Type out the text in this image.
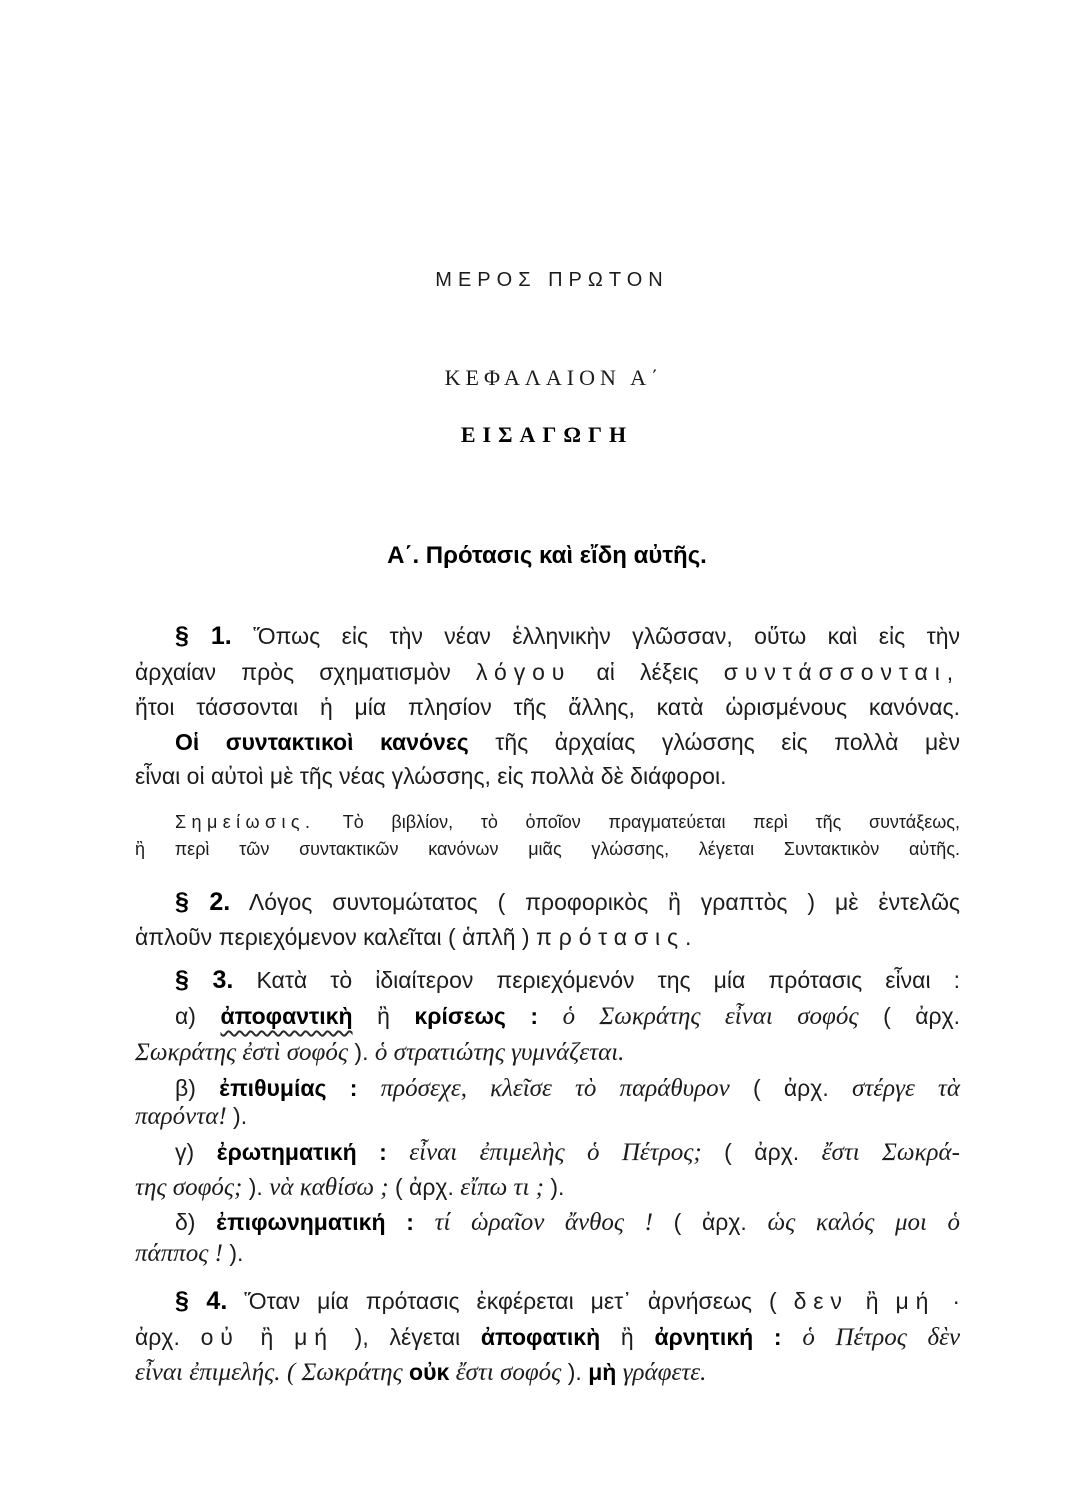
ΜΕΡΟΣ ΠΡΩΤΟΝ
ΚΕΦΑΛΑΙΟΝ Α΄
ΕΙΣΑΓΩΓΗ
Α΄. Πρότασις καὶ εἴδη αὐτῆς.
§ 1. Ὅπως εἰς τὴν νέαν ἑλληνικὴν γλῶσσαν, οὕτω καὶ εἰς τὴν
ἀρχαίαν πρὸς σχηματισμὸν λόγου αἱ λέξεις συντάσσονται,
ἤτοι τάσσονται ἡ μία πλησίον τῆς ἄλλης, κατὰ ὡρισμένους κανόνας.
Οἱ συντακτικοὶ κανόνες τῆς ἀρχαίας γλώσσης εἰς πολλὰ μὲν
εἶναι οἱ αὐτοὶ μὲ τῆς νέας γλώσσης, εἰς πολλὰ δὲ διάφοροι.
Σημείωσις. Τὸ βιβλίον, τὸ ὁποῖον πραγματεύεται περὶ τῆς συντάξεως,
ἢ περὶ τῶν συντακτικῶν κανόνων μιᾶς γλώσσης, λέγεται Συντακτικὸν αὐτῆς.
§ 2. Λόγος συντομώτατος ( προφορικὸς ἢ γραπτὸς ) μὲ ἐντελῶς
ἁπλοῦν περιεχόμενον καλεῖται ( ἁπλῆ ) πρότασις.
§ 3. Κατὰ τὸ ἰδιαίτερον περιεχόμενόν της μία πρότασις εἶναι :
α) ἀποφαντικὴ ἢ κρίσεως : ὁ Σωκράτης εἶναι σοφός ( ἀρχ.
Σωκράτης ἐστὶ σοφός ). ὁ στρατιώτης γυμνάζεται.
β) ἐπιθυμίας : πρόσεχε, κλεῖσε τὸ παράθυρον ( ἀρχ. στέργε τὰ
παρόντα! ).
γ) ἐρωτηματική : εἶναι ἐπιμελὴς ὁ Πέτρος; ( ἀρχ. ἔστι Σωκρά-
της σοφός; ). νὰ καθίσω ; ( ἀρχ. εἴπω τι ; ).
δ) ἐπιφωνηματική : τί ὡραῖον ἄνθος ! ( ἀρχ. ὡς καλός μοι ὁ
πάππος ! ).
§ 4. Ὅταν μία πρότασις ἐκφέρεται μετ᾽ ἀρνήσεως ( δεν ἢ μή ·
ἀρχ. οὐ ἢ μή ), λέγεται ἀποφατικὴ ἢ ἀρνητική : ὁ Πέτρος δὲν
εἶναι ἐπιμελής. ( Σωκράτης οὐκ ἔστι σοφός ). μὴ γράφετε.
